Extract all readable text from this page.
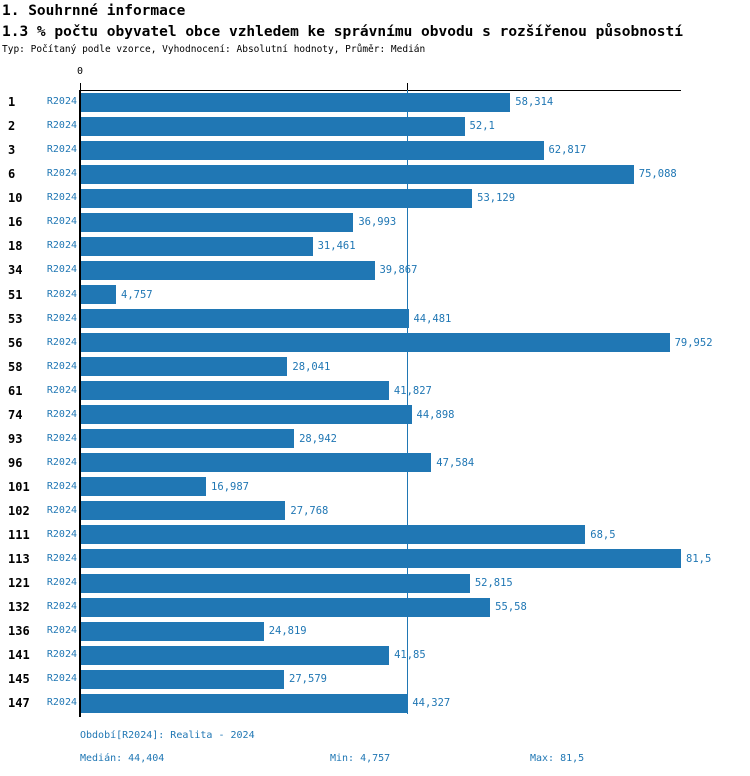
1. Souhrnné informace
1.3 % počtu obyvatel obce vzhledem ke správnímu obvodu s rozšířenou působností
Typ: Počítaný podle vzorce, Vyhodnocení: Absolutní hodnoty, Průměr: Medián
0
1	R2024	58,314
2	R2024	52,1
3	R2024	62,817
6	R2024	75,088
10	R2024	53,129
16	R2024	36,993
18	R2024	31,461
34	R2024	39,867
51	R2024	4,757
53	R2024	44,481
56	R2024	79,952
58	R2024	28,041
61	R2024	41,827
74	R2024	44,898
93	R2024	28,942
96	R2024	47,584
101	R2024	16,987
102	R2024	27,768
111	R2024	68,5
113	R2024	81,5
121	R2024	52,815
132	R2024	55,58
136	R2024	24,819
141	R2024	41,85
145	R2024	27,579
147	R2024	44,327
Období[R2024]: Realita - 2024
Medián: 44,404	Min: 4,757	Max: 81,5
